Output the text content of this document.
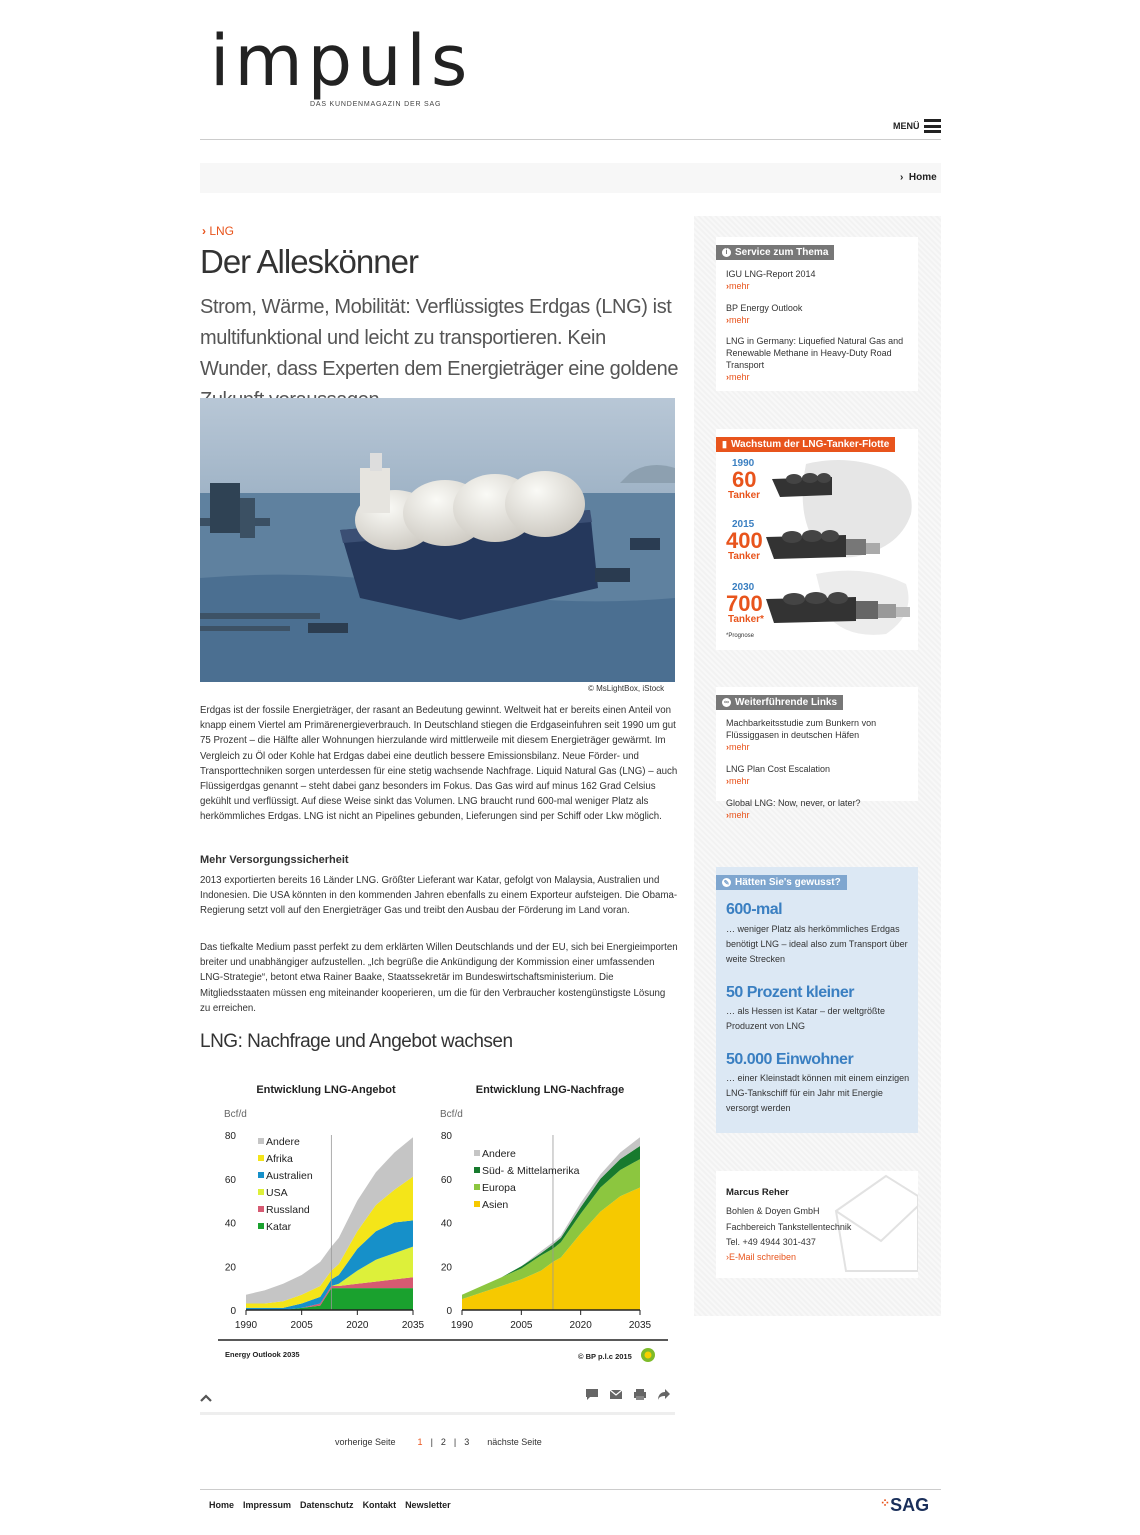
impuls
DAS KUNDENMAGAZIN DER SAG
MENÜ
› Home
› LNG
Der Alleskönner
Strom, Wärme, Mobilität: Verflüssigtes Erdgas (LNG) ist multifunktional und leicht zu transportieren. Kein Wunder, dass Experten dem Energieträger eine goldene
© MsLightBox, iStock
Erdgas ist der fossile Energieträger, der rasant an Bedeutung gewinnt. Weltweit hat er bereits einen Anteil von knapp einem Viertel am Primärenergieverbrauch. In Deutschland stiegen die Erdgaseinfuhren seit 1990 um gut 75 Prozent – die Hälfte aller Wohnungen hierzulande wird mittlerweile mit diesem Energieträger gewärmt. Im Vergleich zu Öl oder Kohle hat Erdgas dabei eine deutlich bessere Emissionsbilanz. Neue Förder- und Transporttechniken sorgen unterdessen für eine stetig wachsende Nachfrage. Liquid Natural Gas (LNG) – auch Flüssigerdgas genannt – steht dabei ganz besonders im Fokus. Das Gas wird auf minus 162 Grad Celsius gekühlt und verflüssigt. Auf diese Weise sinkt das Volumen. LNG braucht rund 600-mal weniger Platz als herkömmliches Erdgas. LNG ist nicht an Pipelines gebunden, Lieferungen sind per Schiff oder Lkw möglich.
Mehr Versorgungssicherheit
2013 exportierten bereits 16 Länder LNG. Größter Lieferant war Katar, gefolgt von Malaysia, Australien und Indonesien. Die USA könnten in den kommenden Jahren ebenfalls zu einem Exporteur aufsteigen. Die Obama-Regierung setzt voll auf den Energieträger Gas und treibt den Ausbau der Förderung im Land voran.
Das tiefkalte Medium passt perfekt zu dem erklärten Willen Deutschlands und der EU, sich bei Energieimporten breiter und unabhängiger aufzustellen. „Ich begrüße die Ankündigung der Kommission einer umfassenden LNG-Strategie“, betont etwa Rainer Baake, Staatssekretär im Bundeswirtschaftsministerium. Die Mitgliedsstaaten müssen eng miteinander kooperieren, um die für den Verbraucher kostengünstigste Lösung zu erreichen.
LNG: Nachfrage und Angebot wachsen
Entwicklung LNG-Angebot
Bcf/d
0
20
40
60
80
1990	2005	2020	2035
Andere
Afrika
Australien
USA
Russland
Katar
Entwicklung LNG-Nachfrage
Bcf/d
0
20
40
60
80
1990	2005	2020	2035
Andere
Süd- & Mittelamerika
Europa
Asien
Energy Outlook 2035	© BP p.l.c 2015
vorherige Seite 1 | 2 | 3 nächste Seite
Home Impressum Datenschutz Kontakt Newsletter	⁘SAG
i Service zum Thema
IGU LNG-Report 2014
› mehr
BP Energy Outlook
› mehr
LNG in Germany: Liquefied Natural Gas and Renewable Methane in Heavy-Duty Road Transport
› mehr
▮ Wachstum der LNG-Tanker-Flotte
1990
60
Tanker
2015
400
Tanker
2030
700
Tanker*
*Prognose
∞ Weiterführende Links
Machbarkeitsstudie zum Bunkern von Flüssiggasen in deutschen Häfen
› mehr
LNG Plan Cost Escalation
› mehr
Global LNG: Now, never, or later?
› mehr
✎ Hätten Sie's gewusst?
600-mal
… weniger Platz als herkömmliches Erdgas benötigt LNG – ideal also zum Transport über weite Strecken
50 Prozent kleiner
… als Hessen ist Katar – der weltgrößte Produzent von LNG
50.000 Einwohner
… einer Kleinstadt können mit einem einzigen LNG-Tankschiff für ein Jahr mit Energie versorgt werden
Marcus Reher
Bohlen & Doyen GmbH
Fachbereich Tankstellentechnik
Tel. +49 4944 301-437
›E-Mail schreiben
